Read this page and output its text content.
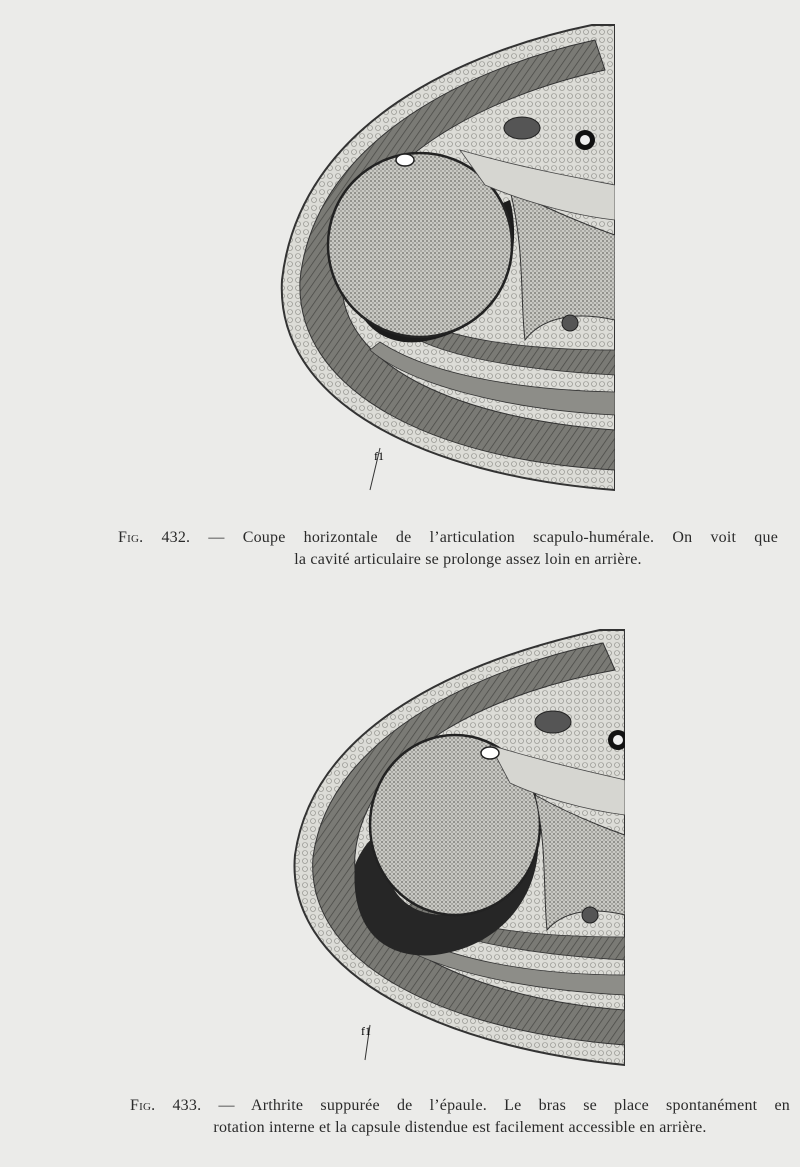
f1
Fig. 432. — Coupe horizontale de l’articulation scapulo-humérale. On voit que
la cavité articulaire se prolonge assez loin en arrière.
f1
Fig. 433. — Arthrite suppurée de l’épaule. Le bras se place spontanément en
rotation interne et la capsule distendue est facilement accessible en arrière.
